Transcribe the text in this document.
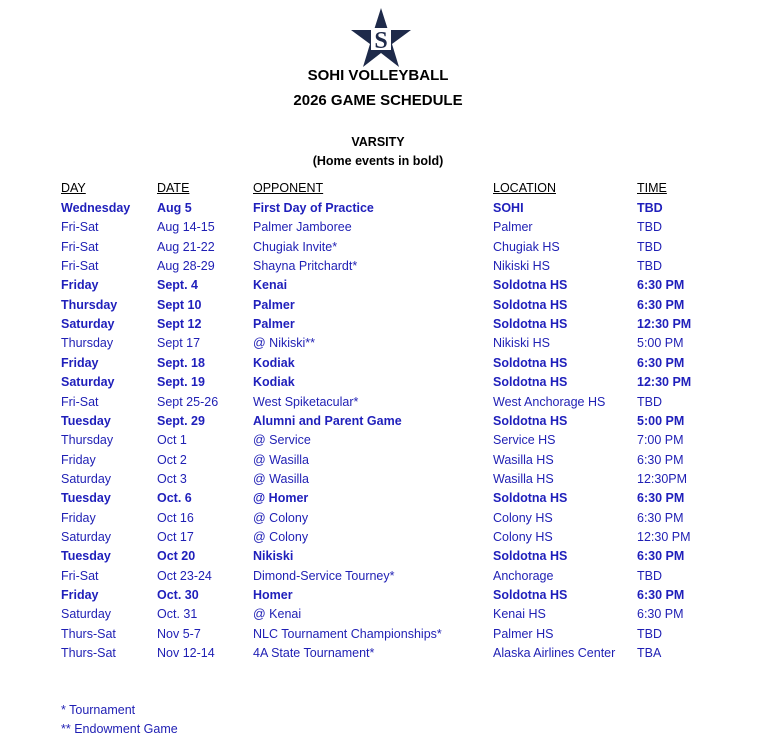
S
SOHI VOLLEYBALL
2026 GAME SCHEDULE
VARSITY
(Home events in bold)
DAY	DATE	OPPONENT	LOCATION	TIME
Wednesday Aug 5	First Day of Practice	SOHI	TBD
Fri-Sat	Aug 14-15	Palmer Jamboree	Palmer	TBD
Fri-Sat	Aug 21-22	Chugiak Invite*	Chugiak HS	TBD
Fri-Sat	Aug 28-29	Shayna Pritchardt*	Nikiski HS	TBD
Friday	Sept. 4	Kenai	Soldotna HS	6:30 PM
Thursday	Sept 10	Palmer	Soldotna HS	6:30 PM
Saturday	Sept 12	Palmer	Soldotna HS	12:30 PM
Thursday	Sept 17	@ Nikiski**	Nikiski HS	5:00 PM
Friday	Sept. 18	Kodiak	Soldotna HS	6:30 PM
Saturday	Sept. 19	Kodiak	Soldotna HS	12:30 PM
Fri-Sat	Sept 25-26	West Spiketacular*	West Anchorage HS	TBD
Tuesday	Sept. 29	Alumni and Parent Game	Soldotna HS	5:00 PM
Thursday	Oct 1	@ Service	Service HS	7:00 PM
Friday	Oct 2	@ Wasilla	Wasilla HS	6:30 PM
Saturday	Oct 3	@ Wasilla	Wasilla HS	12:30PM
Tuesday	Oct. 6	@ Homer	Soldotna HS	6:30 PM
Friday	Oct 16	@ Colony	Colony HS	6:30 PM
Saturday	Oct 17	@ Colony	Colony HS	12:30 PM
Tuesday	Oct 20	Nikiski	Soldotna HS	6:30 PM
Fri-Sat	Oct 23-24	Dimond-Service Tourney*	Anchorage	TBD
Friday	Oct. 30	Homer	Soldotna HS	6:30 PM
Saturday	Oct. 31	@ Kenai	Kenai HS	6:30 PM
Thurs-Sat	Nov 5-7	NLC Tournament Championships*	Palmer HS	TBD
Thurs-Sat	Nov 12-14	4A State Tournament*	Alaska Airlines Center TBA
* Tournament
** Endowment Game
